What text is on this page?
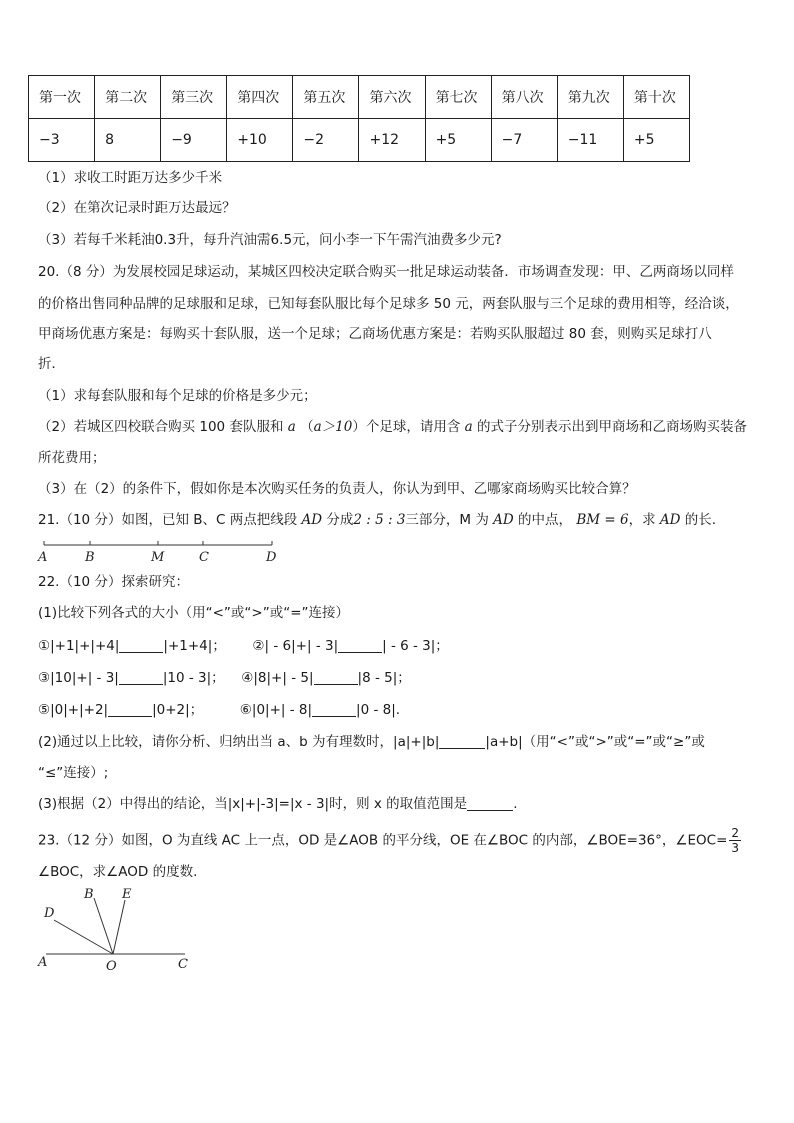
第一次	第二次	第三次	第四次	第五次	第六次	第七次	第八次	第九次	第十次
−3	8	−9	+10	−2	+12	+5	−7	−11	+5
（1）求收工时距万达多少千米
（2）在第次记录时距万达最远？
（3）若每千米耗油0.3升，每升汽油需6.5元，问小李一下午需汽油费多少元?
20.（8 分）为发展校园足球运动，某城区四校决定联合购买一批足球运动装备．市场调查发现：甲、乙两商场以同样
的价格出售同种品牌的足球服和足球，已知每套队服比每个足球多 50 元，两套队服与三个足球的费用相等，经洽谈，
甲商场优惠方案是：每购买十套队服，送一个足球；乙商场优惠方案是：若购买队服超过 80 套，则购买足球打八
折．
（1）求每套队服和每个足球的价格是多少元；
（2）若城区四校联合购买 100 套队服和 a （a＞10）个足球，请用含 a 的式子分别表示出到甲商场和乙商场购买装备
所花费用；
（3）在（2）的条件下，假如你是本次购买任务的负责人，你认为到甲、乙哪家商场购买比较合算？
21.（10 分）如图，已知 B、C 两点把线段 AD 分成2 : 5 : 3三部分，M 为 AD 的中点， BM = 6，求 AD 的长.
A	B	M	C	D
22.（10 分）探索研究：
(1)比较下列各式的大小（用“<”或“>”或“=”连接）
①|+1|+|+4|	|+1+4|； ②| - 6|+| - 3|	| - 6 - 3|；
③|10|+| - 3|	|10 - 3|； ④|8|+| - 5|	|8 - 5|；
⑤|0|+|+2|	|0+2|；	⑥|0|+| - 8|	|0 - 8|.
(2)通过以上比较，请你分析、归纳出当 a、b 为有理数时，|a|+|b|	|a+b|（用“<”或“>”或“=”或“≥”或
“≤”连接）;
(3)根据（2）中得出的结论，当|x|+|-3|=|x - 3|时，则 x 的取值范围是	.
23.（12 分）如图，O 为直线 AC 上一点，OD 是∠AOB 的平分线，OE 在∠BOC 的内部，∠BOE=36°，∠EOC= $\frac{2}{3}$
∠BOC，求∠AOD 的度数.
B E
D
A	O	C
